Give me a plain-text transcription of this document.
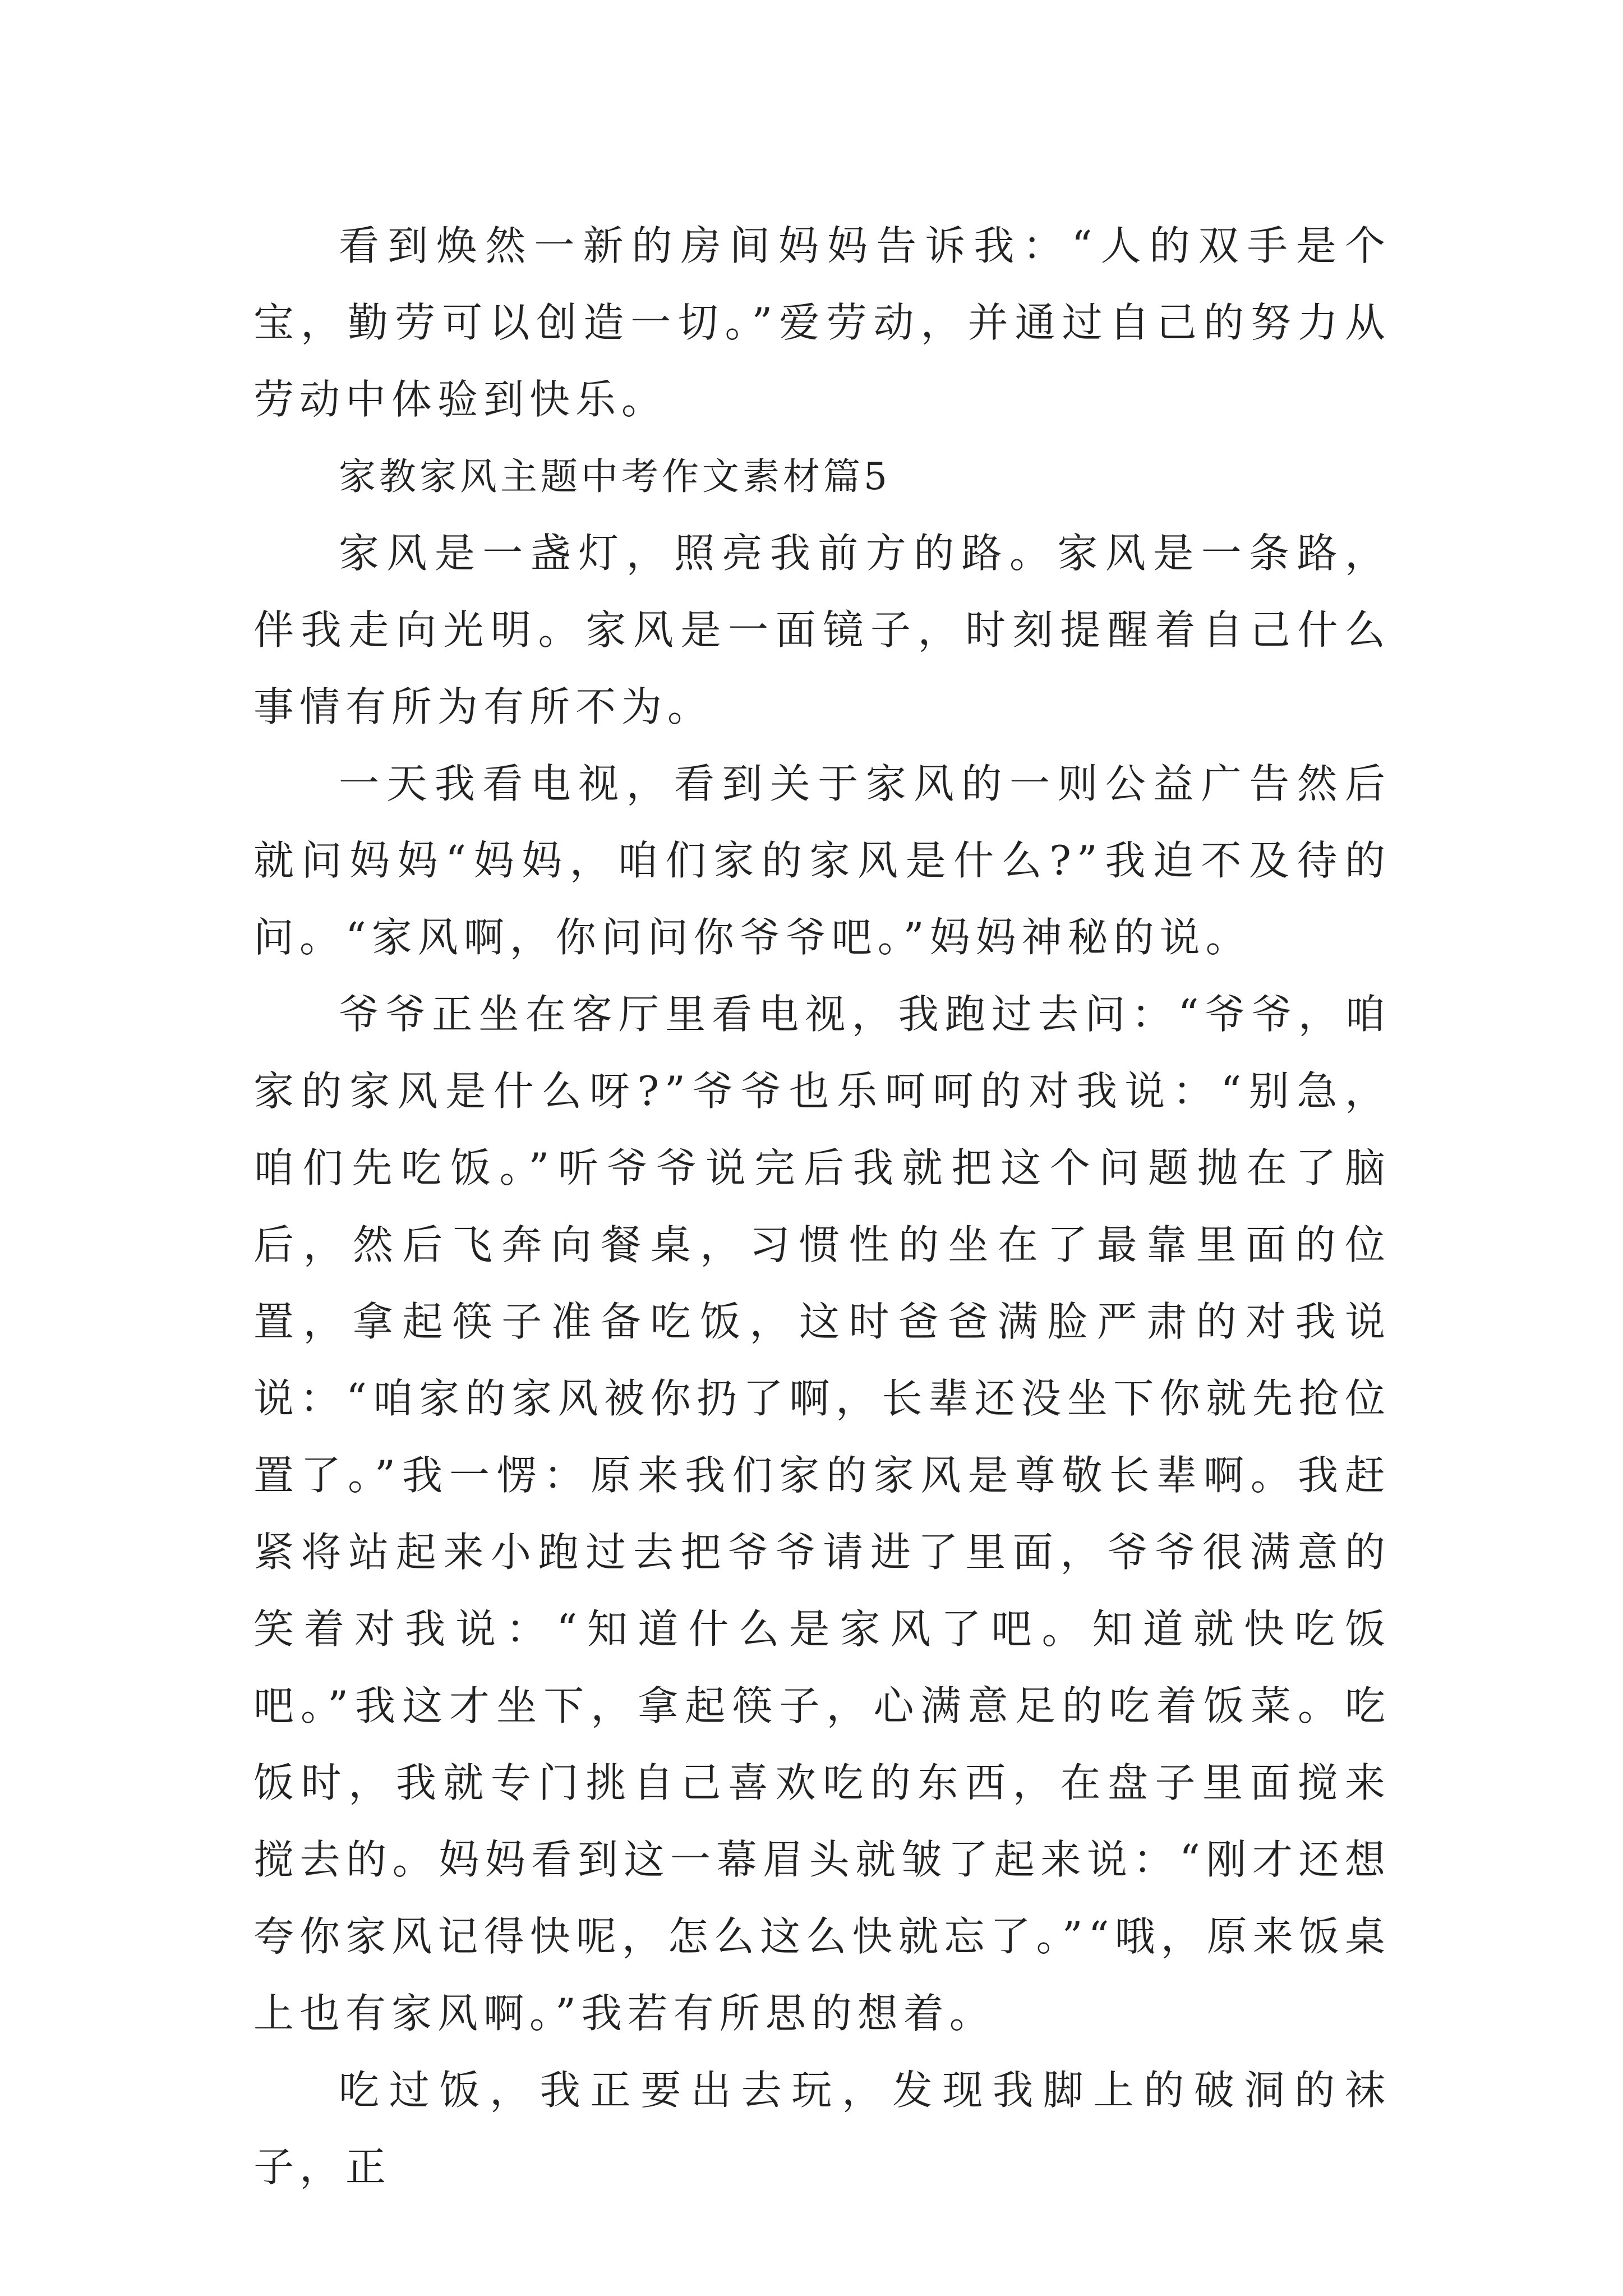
看到焕然一新的房间妈妈告诉我：“人的双手是个宝，勤劳可以创造一切。”爱劳动，并通过自己的努力从劳动中体验到快乐。

家教家风主题中考作文素材篇5

家风是一盏灯，照亮我前方的路。家风是一条路，伴我走向光明。家风是一面镜子，时刻提醒着自己什么事情有所为有所不为。

一天我看电视，看到关于家风的一则公益广告然后就问妈妈“妈妈，咱们家的家风是什么?”我迫不及待的问。“家风啊，你问问你爷爷吧。”妈妈神秘的说。

爷爷正坐在客厅里看电视，我跑过去问：“爷爷，咱家的家风是什么呀?”爷爷也乐呵呵的对我说：“别急，咱们先吃饭。”听爷爷说完后我就把这个问题抛在了脑后，然后飞奔向餐桌，习惯性的坐在了最靠里面的位置，拿起筷子准备吃饭，这时爸爸满脸严肃的对我说说：“咱家的家风被你扔了啊，长辈还没坐下你就先抢位置了。”我一愣：原来我们家的家风是尊敬长辈啊。我赶紧将站起来小跑过去把爷爷请进了里面，爷爷很满意的笑着对我说：“知道什么是家风了吧。知道就快吃饭吧。”我这才坐下，拿起筷子，心满意足的吃着饭菜。吃饭时，我就专门挑自己喜欢吃的东西，在盘子里面搅来搅去的。妈妈看到这一幕眉头就皱了起来说：“刚才还想夸你家风记得快呢，怎么这么快就忘了。”“哦，原来饭桌上也有家风啊。”我若有所思的想着。

吃过饭，我正要出去玩，发现我脚上的破洞的袜子，正
